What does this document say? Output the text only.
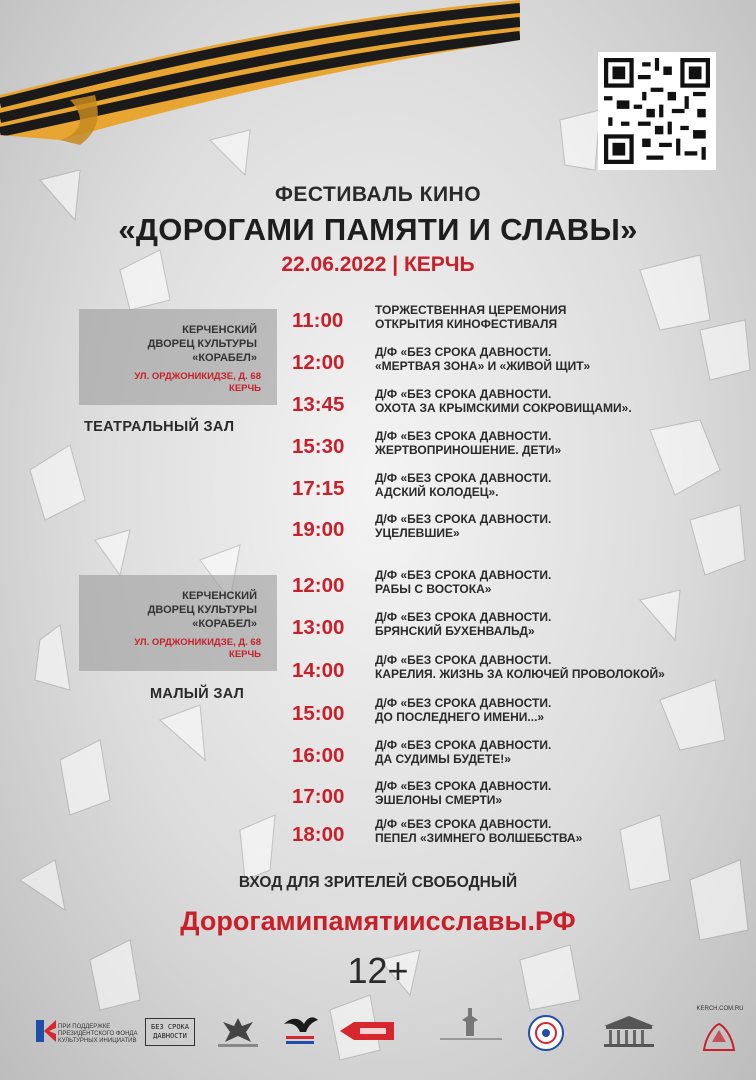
ФЕСТИВАЛЬ КИНО
«ДОРОГАМИ ПАМЯТИ И СЛАВЫ»
22.06.2022 | КЕРЧЬ
КЕРЧЕНСКИЙ
ДВОРЕЦ КУЛЬТУРЫ
«КОРАБЕЛ»
УЛ. ОРДЖОНИКИДЗЕ, Д. 68
КЕРЧЬ
ТЕАТРАЛЬНЫЙ ЗАЛ
КЕРЧЕНСКИЙ
ДВОРЕЦ КУЛЬТУРЫ
«КОРАБЕЛ»
УЛ. ОРДЖОНИКИДЗЕ, Д. 68
КЕРЧЬ
МАЛЫЙ ЗАЛ
11:00	ТОРЖЕСТВЕННАЯ ЦЕРЕМОНИЯ
ОТКРЫТИЯ КИНОФЕСТИВАЛЯ
12:00	Д/Ф «БЕЗ СРОКА ДАВНОСТИ.
«МЕРТВАЯ ЗОНА» И «ЖИВОЙ ЩИТ»
13:45	Д/Ф «БЕЗ СРОКА ДАВНОСТИ.
ОХОТА ЗА КРЫМСКИМИ СОКРОВИЩАМИ».
15:30	Д/Ф «БЕЗ СРОКА ДАВНОСТИ.
ЖЕРТВОПРИНОШЕНИЕ. ДЕТИ»
17:15	Д/Ф «БЕЗ СРОКА ДАВНОСТИ.
АДСКИЙ КОЛОДЕЦ».
19:00	Д/Ф «БЕЗ СРОКА ДАВНОСТИ.
УЦЕЛЕВШИЕ»
12:00	Д/Ф «БЕЗ СРОКА ДАВНОСТИ.
РАБЫ С ВОСТОКА»
13:00	Д/Ф «БЕЗ СРОКА ДАВНОСТИ.
БРЯНСКИЙ БУХЕНВАЛЬД»
14:00	Д/Ф «БЕЗ СРОКА ДАВНОСТИ.
КАРЕЛИЯ. ЖИЗНЬ ЗА КОЛЮЧЕЙ ПРОВОЛОКОЙ»
15:00	Д/Ф «БЕЗ СРОКА ДАВНОСТИ.
ДО ПОСЛЕДНЕГО ИМЕНИ...»
16:00	Д/Ф «БЕЗ СРОКА ДАВНОСТИ.
ДА СУДИМЫ БУДЕТЕ!»
17:00	Д/Ф «БЕЗ СРОКА ДАВНОСТИ.
ЭШЕЛОНЫ СМЕРТИ»
18:00	Д/Ф «БЕЗ СРОКА ДАВНОСТИ.
ПЕПЕЛ «ЗИМНЕГО ВОЛШЕБСТВА»
ВХОД ДЛЯ ЗРИТЕЛЕЙ СВОБОДНЫЙ
Дорогамипамятиисславы.РФ
12+
ПРИ ПОДДЕРЖКЕ
ПРЕЗИДЕНТСКОГО ФОНДА
КУЛЬТУРНЫХ ИНИЦИАТИВ
БЕЗ СРОКА
ДАВНОСТИ
KERCH.COM.RU
